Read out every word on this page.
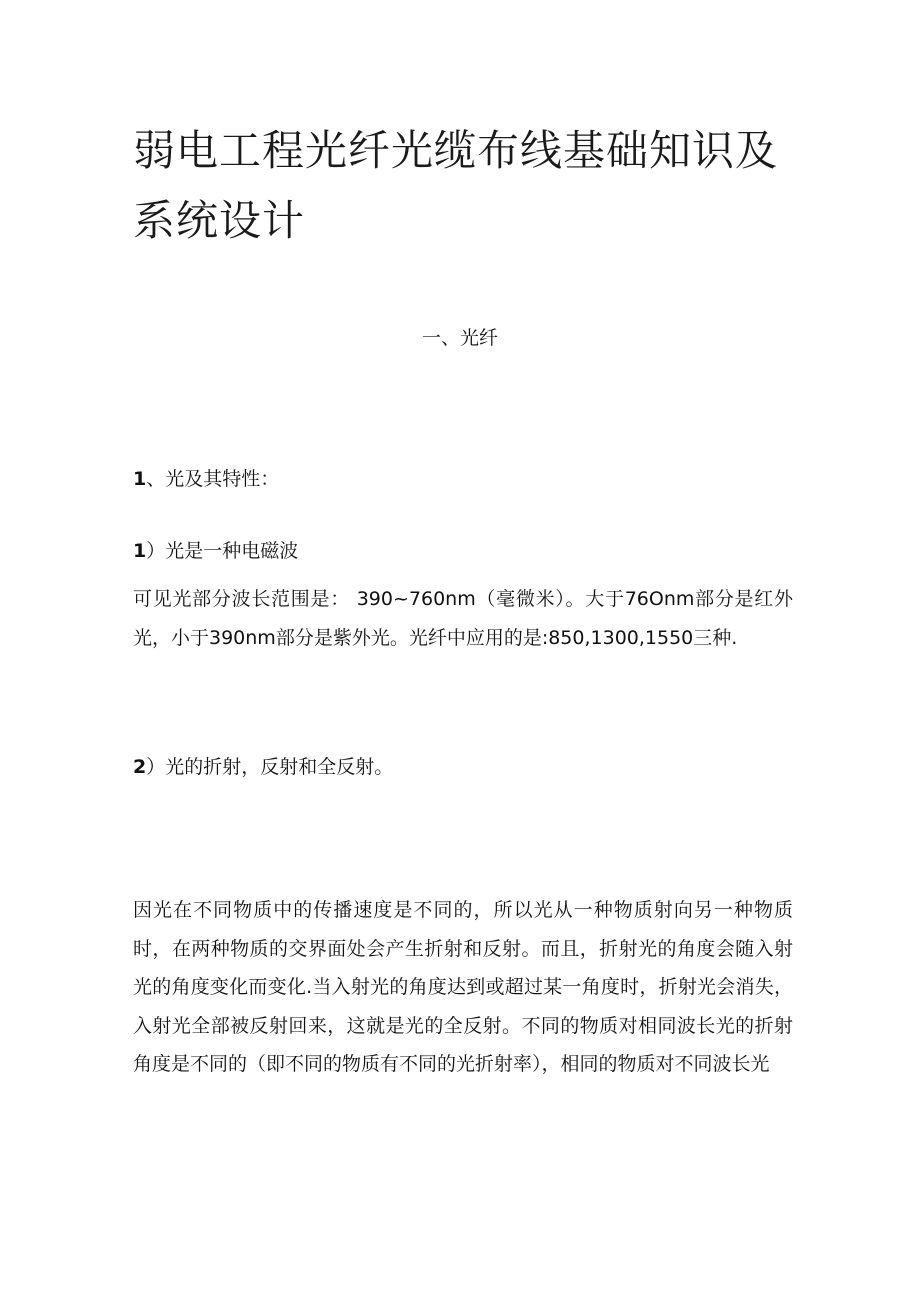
弱电工程光纤光缆布线基础知识及系统设计
一、光纤

1、光及其特性：

1）光是一种电磁波

可见光部分波长范围是： 390~760nm（毫微米）。大于76Onm部分是红外光，小于390nm部分是紫外光。光纤中应用的是:850,1300,1550三种.

2）光的折射，反射和全反射。

因光在不同物质中的传播速度是不同的，所以光从一种物质射向另一种物质时，在两种物质的交界面处会产生折射和反射。而且，折射光的角度会随入射光的角度变化而变化.当入射光的角度达到或超过某一角度时，折射光会消失，入射光全部被反射回来，这就是光的全反射。不同的物质对相同波长光的折射角度是不同的（即不同的物质有不同的光折射率），相同的物质对不同波长光
